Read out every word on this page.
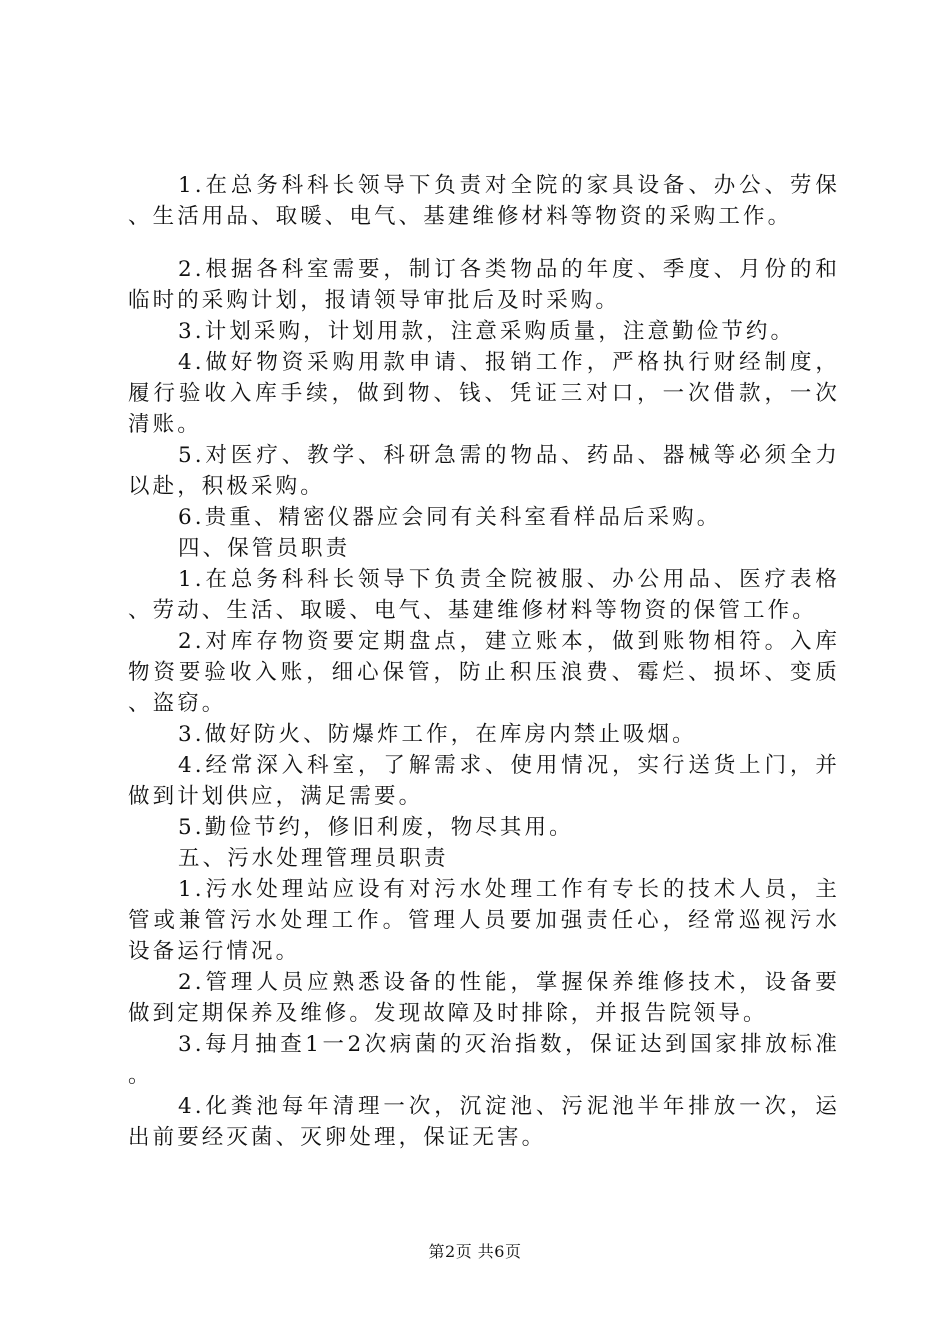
1.在总务科科长领导下负责对全院的家具设备、办公、劳保、生活用品、取暖、电气、基建维修材料等物资的采购工作。

2.根据各科室需要，制订各类物品的年度、季度、月份的和临时的采购计划，报请领导审批后及时采购。

3.计划采购，计划用款，注意采购质量，注意勤俭节约。

4.做好物资采购用款申请、报销工作，严格执行财经制度，履行验收入库手续，做到物、钱、凭证三对口，一次借款，一次清账。

5.对医疗、教学、科研急需的物品、药品、器械等必须全力以赴，积极采购。

6.贵重、精密仪器应会同有关科室看样品后采购。

四、保管员职责

1.在总务科科长领导下负责全院被服、办公用品、医疗表格、劳动、生活、取暖、电气、基建维修材料等物资的保管工作。

2.对库存物资要定期盘点，建立账本，做到账物相符。入库物资要验收入账，细心保管，防止积压浪费、霉烂、损坏、变质、盗窃。

3.做好防火、防爆炸工作，在库房内禁止吸烟。

4.经常深入科室，了解需求、使用情况，实行送货上门，并做到计划供应，满足需要。

5.勤俭节约，修旧利废，物尽其用。

五、污水处理管理员职责

1.污水处理站应设有对污水处理工作有专长的技术人员，主管或兼管污水处理工作。管理人员要加强责任心，经常巡视污水设备运行情况。

2.管理人员应熟悉设备的性能，掌握保养维修技术，设备要做到定期保养及维修。发现故障及时排除，并报告院领导。

3.每月抽查1一2次病菌的灭治指数，保证达到国家排放标准。

4.化粪池每年清理一次，沉淀池、污泥池半年排放一次，运出前要经灭菌、灭卵处理，保证无害。

第2页 共6页
